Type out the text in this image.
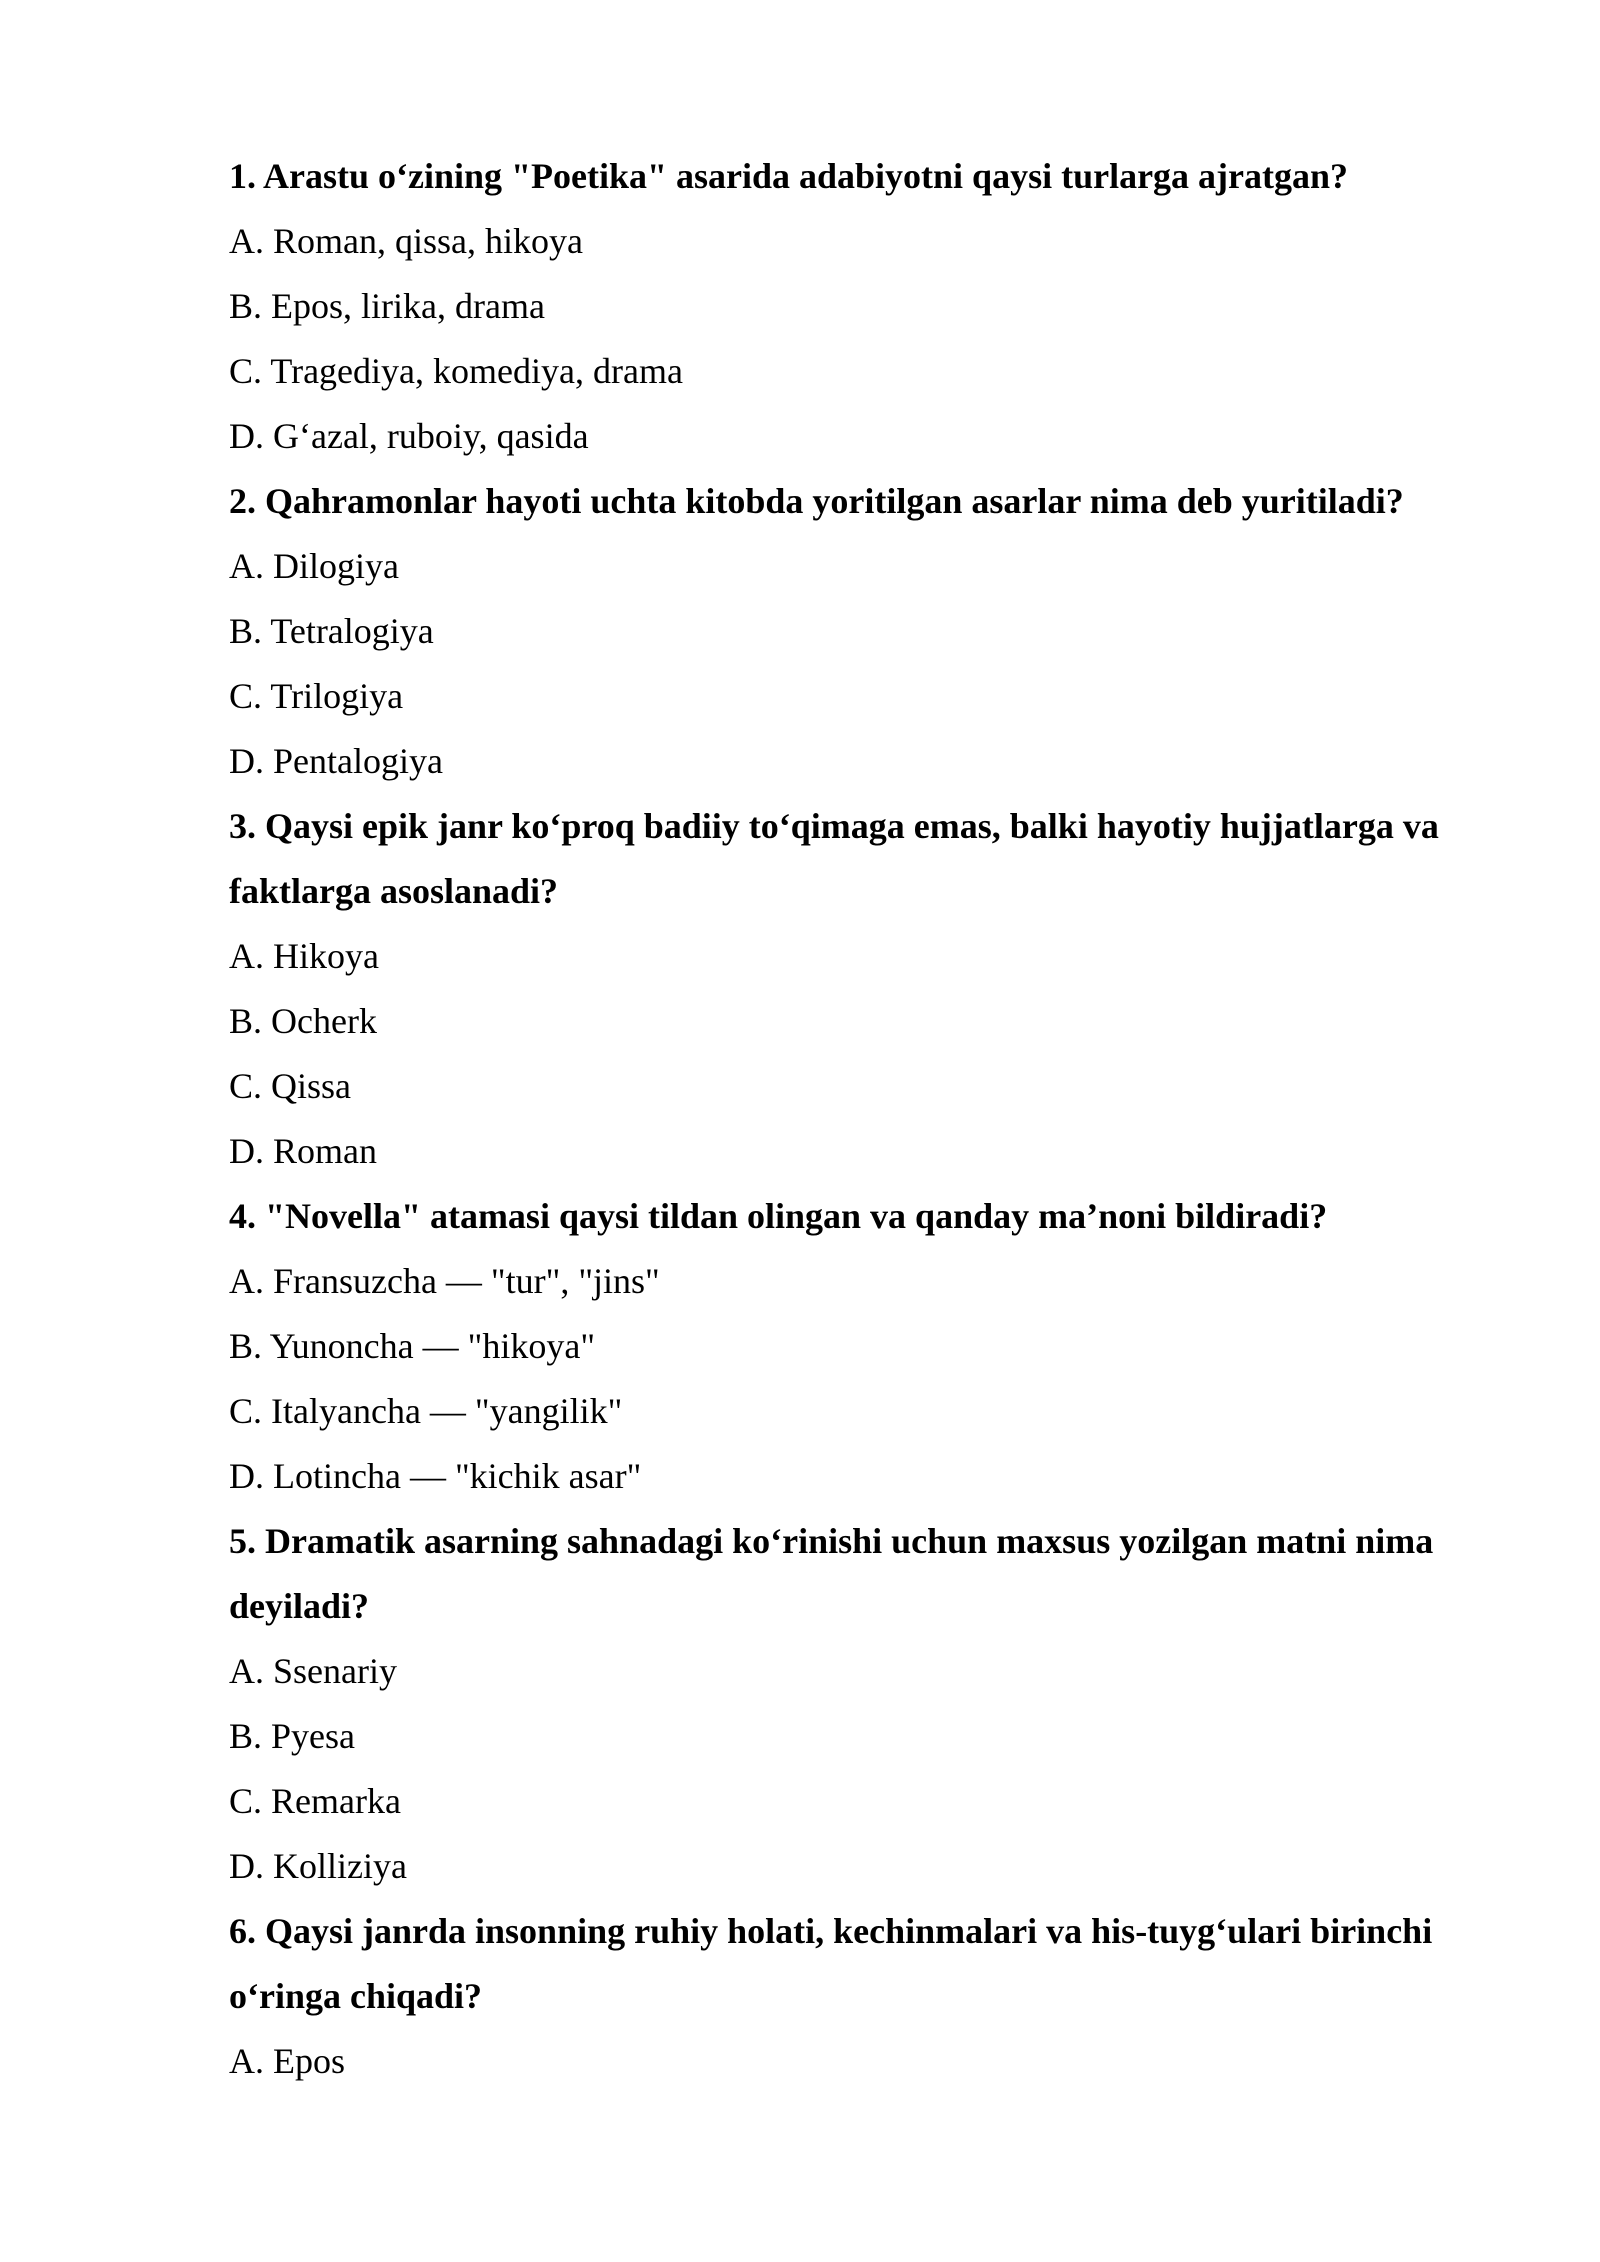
1. Arastu o‘zining "Poetika" asarida adabiyotni qaysi turlarga ajratgan?

A. Roman, qissa, hikoya

B. Epos, lirika, drama

C. Tragediya, komediya, drama

D. G‘azal, ruboiy, qasida

2. Qahramonlar hayoti uchta kitobda yoritilgan asarlar nima deb yuritiladi?

A. Dilogiya

B. Tetralogiya

C. Trilogiya

D. Pentalogiya

3. Qaysi epik janr ko‘proq badiiy to‘qimaga emas, balki hayotiy hujjatlarga va

faktlarga asoslanadi?

A. Hikoya

B. Ocherk

C. Qissa

D. Roman

4. "Novella" atamasi qaysi tildan olingan va qanday ma’noni bildiradi?

A. Fransuzcha — "tur", "jins"

B. Yunoncha — "hikoya"

C. Italyancha — "yangilik"

D. Lotincha — "kichik asar"

5. Dramatik asarning sahnadagi ko‘rinishi uchun maxsus yozilgan matni nima

deyiladi?

A. Ssenariy

B. Pyesa

C. Remarka

D. Kolliziya

6. Qaysi janrda insonning ruhiy holati, kechinmalari va his-tuyg‘ulari birinchi

o‘ringa chiqadi?

A. Epos
